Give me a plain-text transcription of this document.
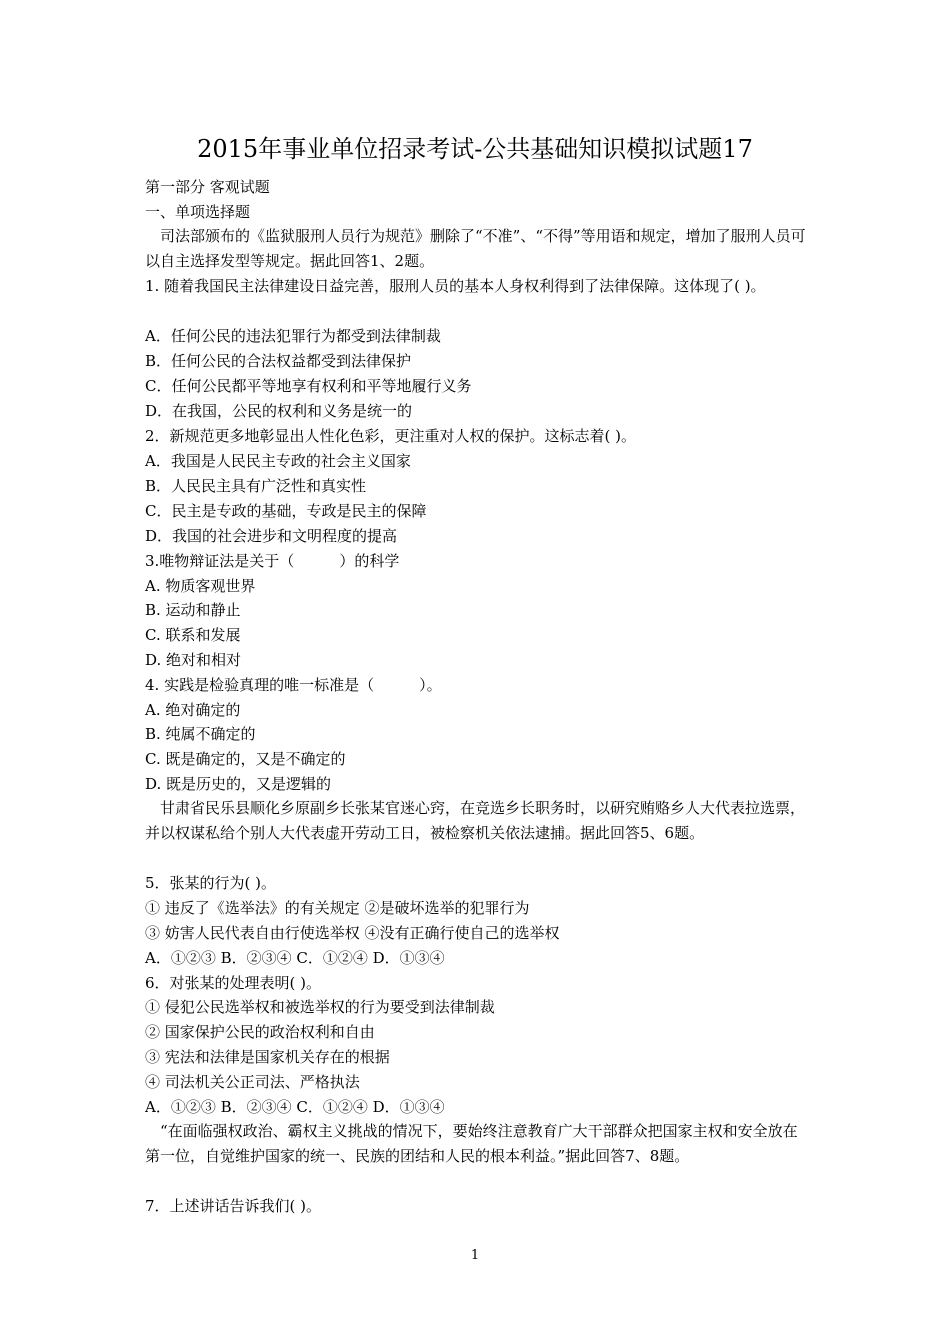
2015年事业单位招录考试-公共基础知识模拟试题17
第一部分 客观试题
一、单项选择题
司法部颁布的《监狱服刑人员行为规范》删除了“不准”、“不得”等用语和规定，增加了服刑人员可以自主选择发型等规定。据此回答1、2题。
1. 随着我国民主法律建设日益完善，服刑人员的基本人身权利得到了法律保障。这体现了( )。
A．任何公民的违法犯罪行为都受到法律制裁
B．任何公民的合法权益都受到法律保护
C．任何公民都平等地享有权利和平等地履行义务
D．在我国，公民的权利和义务是统一的
2．新规范更多地彰显出人性化色彩，更注重对人权的保护。这标志着( )。
A．我国是人民民主专政的社会主义国家
B．人民民主具有广泛性和真实性
C．民主是专政的基础，专政是民主的保障
D．我国的社会进步和文明程度的提高
3.唯物辩证法是关于（　　　）的科学
A. 物质客观世界
B. 运动和静止
C. 联系和发展
D. 绝对和相对
4. 实践是检验真理的唯一标准是（　　　）。
A. 绝对确定的
B. 纯属不确定的
C. 既是确定的，又是不确定的
D. 既是历史的，又是逻辑的
甘肃省民乐县顺化乡原副乡长张某官迷心窍，在竞选乡长职务时，以研究贿赂乡人大代表拉选票，并以权谋私给个别人大代表虚开劳动工日，被检察机关依法逮捕。据此回答5、6题。
5．张某的行为( )。
① 违反了《选举法》的有关规定 ②是破坏选举的犯罪行为
③ 妨害人民代表自由行使选举权 ④没有正确行使自己的选举权
A．①②③ B．②③④ C．①②④ D．①③④
6．对张某的处理表明( )。
① 侵犯公民选举权和被选举权的行为要受到法律制裁
② 国家保护公民的政治权利和自由
③ 宪法和法律是国家机关存在的根据
④ 司法机关公正司法、严格执法
A．①②③ B．②③④ C．①②④ D．①③④
“在面临强权政治、霸权主义挑战的情况下，要始终注意教育广大干部群众把国家主权和安全放在第一位，自觉维护国家的统一、民族的团结和人民的根本利益。”据此回答7、8题。
7．上述讲话告诉我们( )。
1
